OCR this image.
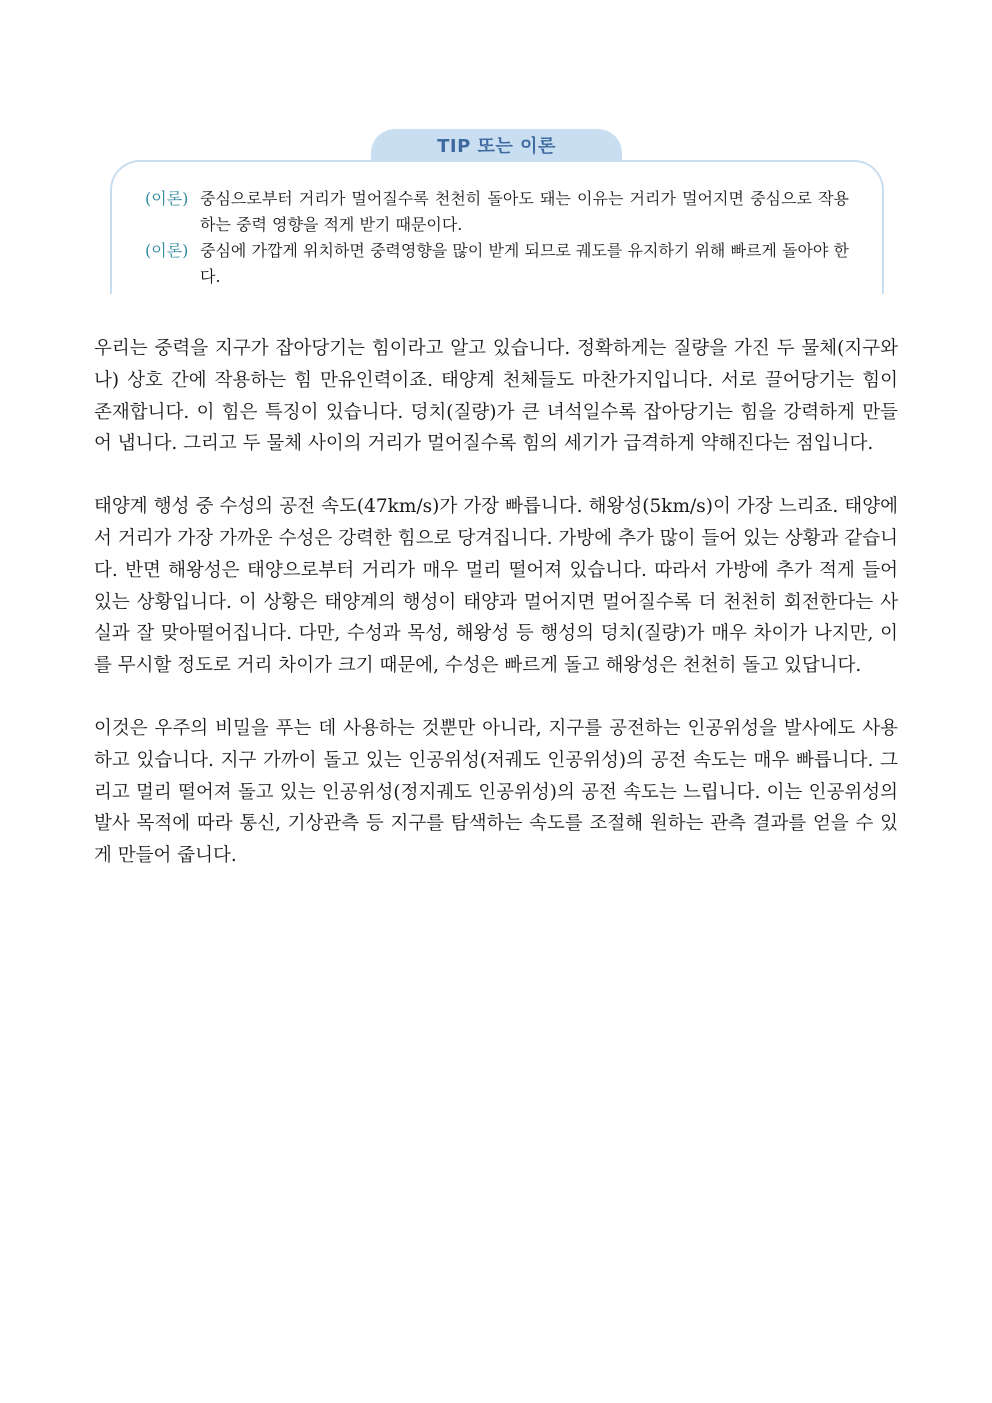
TIP 또는 이론
(이론) 중심으로부터 거리가 멀어질수록 천천히 돌아도 돼는 이유는 거리가 멀어지면 중심으로 작용하는 중력 영향을 적게 받기 때문이다.
(이론) 중심에 가깝게 위치하면 중력영향을 많이 받게 되므로 궤도를 유지하기 위해 빠르게 돌아야 한다.

우리는 중력을 지구가 잡아당기는 힘이라고 알고 있습니다. 정확하게는 질량을 가진 두 물체(지구와 나) 상호 간에 작용하는 힘 만유인력이죠. 태양계 천체들도 마찬가지입니다. 서로 끌어당기는 힘이 존재합니다. 이 힘은 특징이 있습니다. 덩치(질량)가 큰 녀석일수록 잡아당기는 힘을 강력하게 만들어 냅니다. 그리고 두 물체 사이의 거리가 멀어질수록 힘의 세기가 급격하게 약해진다는 점입니다.

태양계 행성 중 수성의 공전 속도(47km/s)가 가장 빠릅니다. 해왕성(5km/s)이 가장 느리죠. 태양에서 거리가 가장 가까운 수성은 강력한 힘으로 당겨집니다. 가방에 추가 많이 들어 있는 상황과 같습니다. 반면 해왕성은 태양으로부터 거리가 매우 멀리 떨어져 있습니다. 따라서 가방에 추가 적게 들어 있는 상황입니다. 이 상황은 태양계의 행성이 태양과 멀어지면 멀어질수록 더 천천히 회전한다는 사실과 잘 맞아떨어집니다. 다만, 수성과 목성, 해왕성 등 행성의 덩치(질량)가 매우 차이가 나지만, 이를 무시할 정도로 거리 차이가 크기 때문에, 수성은 빠르게 돌고 해왕성은 천천히 돌고 있답니다.

이것은 우주의 비밀을 푸는 데 사용하는 것뿐만 아니라, 지구를 공전하는 인공위성을 발사에도 사용하고 있습니다. 지구 가까이 돌고 있는 인공위성(저궤도 인공위성)의 공전 속도는 매우 빠릅니다. 그리고 멀리 떨어져 돌고 있는 인공위성(정지궤도 인공위성)의 공전 속도는 느립니다. 이는 인공위성의 발사 목적에 따라 통신, 기상관측 등 지구를 탐색하는 속도를 조절해 원하는 관측 결과를 얻을 수 있게 만들어 줍니다.
